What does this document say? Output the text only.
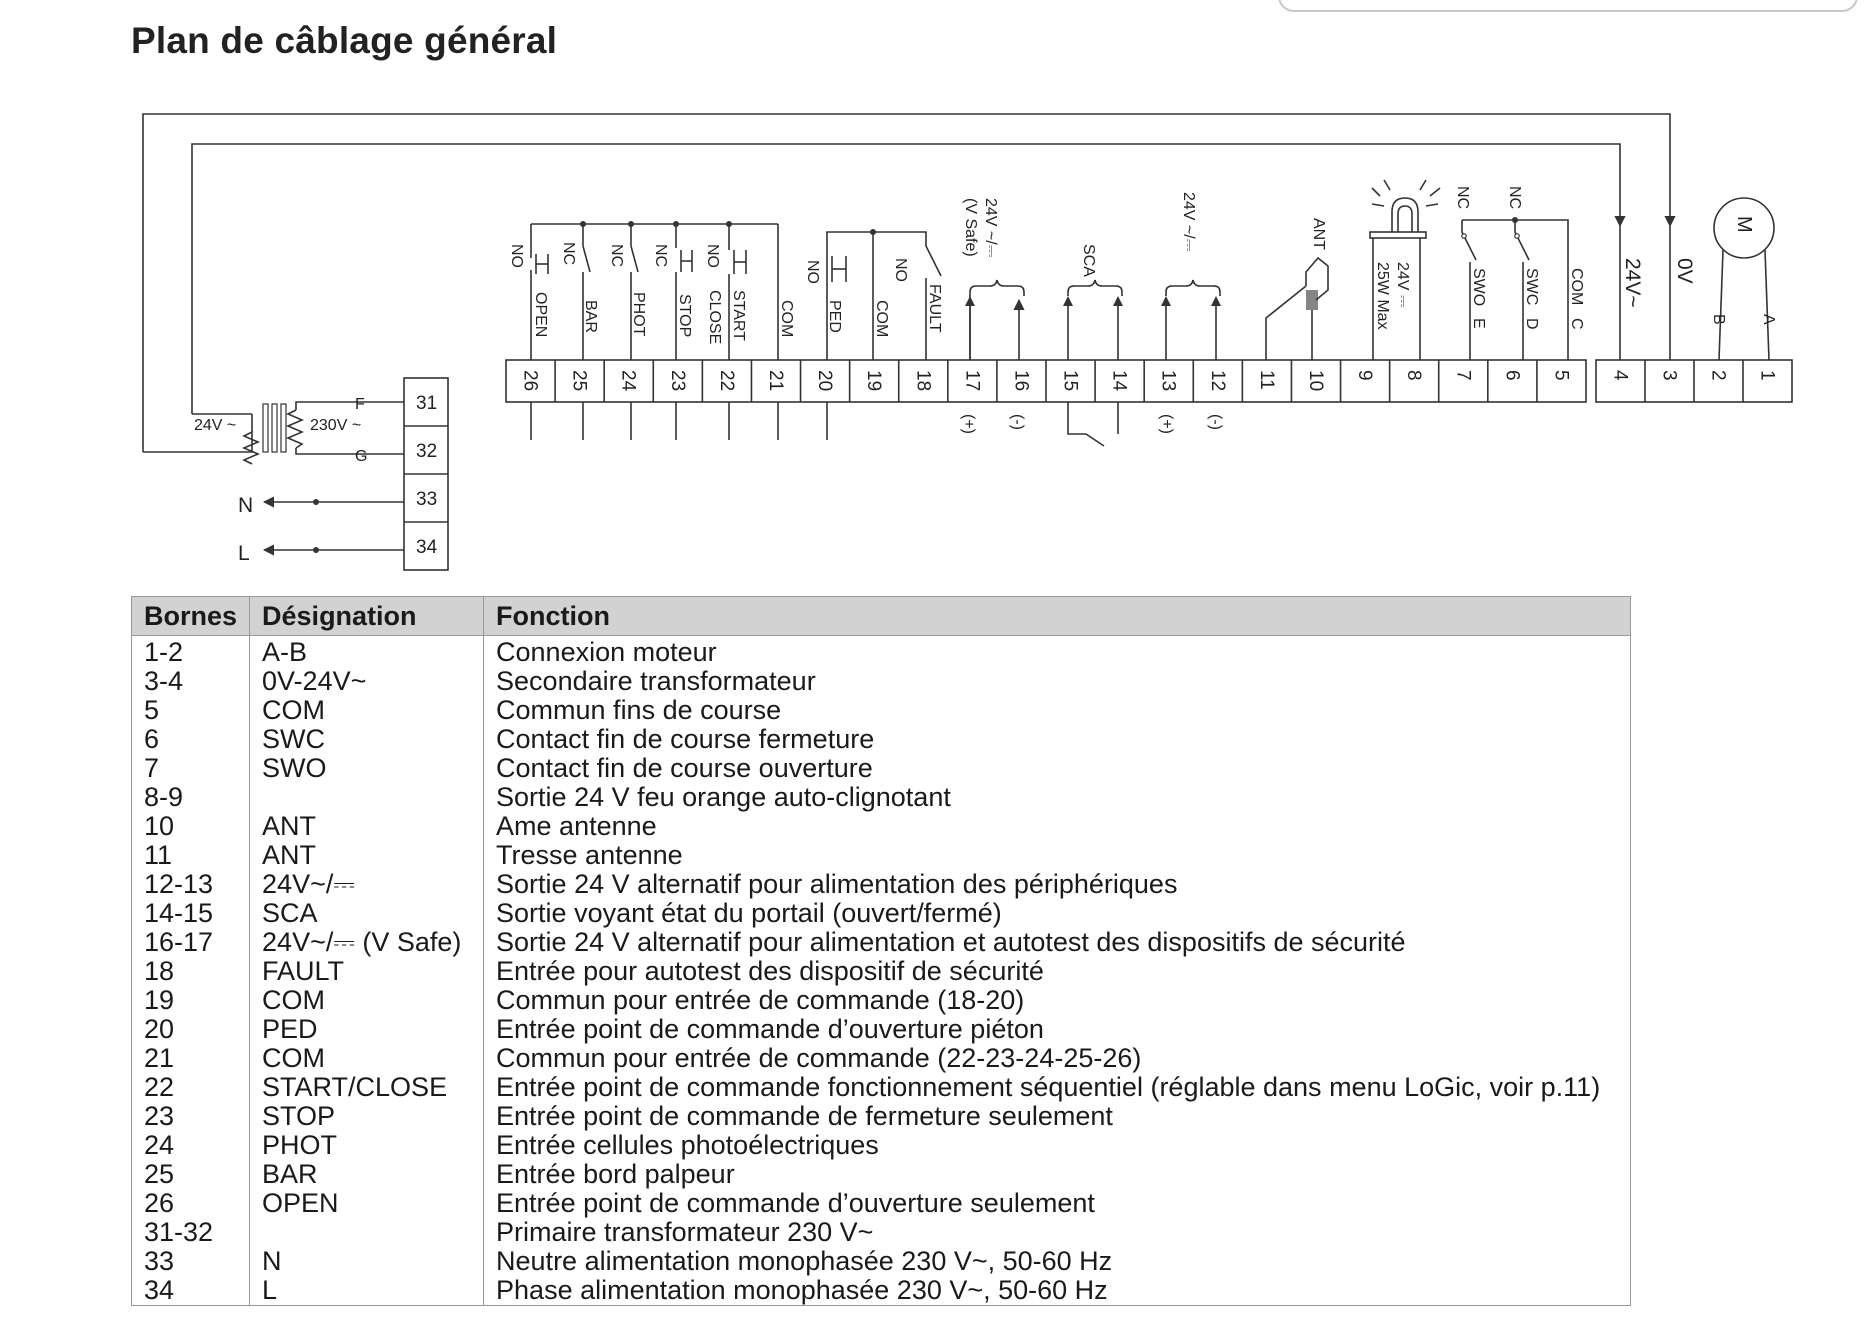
Plan de câblage général
26 25 24 23 22 21 20 19 18 17 16 15 14 13 12 11 10 9 8 7 6 5 4 3 2 1
31
32
33
34
24V ~	230V ~
F
G
N
L
NO
OPEN
NC
BAR
NC
PHOT
NC
STOP
NO
CLOSE START COM
NO
PED COM
NO
FAULT
24V ~/⎓
(V Safe)
(+) (-)
SCA
24V ~/⎓
(+) (-)
ANT
25W Max 24V ⎓
NC NC
SWO SWC COM
E D C
24V~ 0V
M
B A
Bornes	Désignation	Fonction
1-2	A-B	Connexion moteur
3-4	0V-24V~	Secondaire transformateur
5	COM	Commun fins de course
6	SWC	Contact fin de course fermeture
7	SWO	Contact fin de course ouverture
8-9		Sortie 24 V feu orange auto-clignotant
10	ANT	Ame antenne
11	ANT	Tresse antenne
12-13	24V~/⎓	Sortie 24 V alternatif pour alimentation des périphériques
14-15	SCA	Sortie voyant état du portail (ouvert/fermé)
16-17	24V~/⎓ (V Safe)	Sortie 24 V alternatif pour alimentation et autotest des dispositifs de sécurité
18	FAULT	Entrée pour autotest des dispositif de sécurité
19	COM	Commun pour entrée de commande (18-20)
20	PED	Entrée point de commande d’ouverture piéton
21	COM	Commun pour entrée de commande (22-23-24-25-26)
22	START/CLOSE	Entrée point de commande fonctionnement séquentiel (réglable dans menu LoGic, voir p.11)
23	STOP	Entrée point de commande de fermeture seulement
24	PHOT	Entrée cellules photoélectriques
25	BAR	Entrée bord palpeur
26	OPEN	Entrée point de commande d’ouverture seulement
31-32		Primaire transformateur 230 V~
33	N	Neutre alimentation monophasée 230 V~, 50-60 Hz
34	L	Phase alimentation monophasée 230 V~, 50-60 Hz
